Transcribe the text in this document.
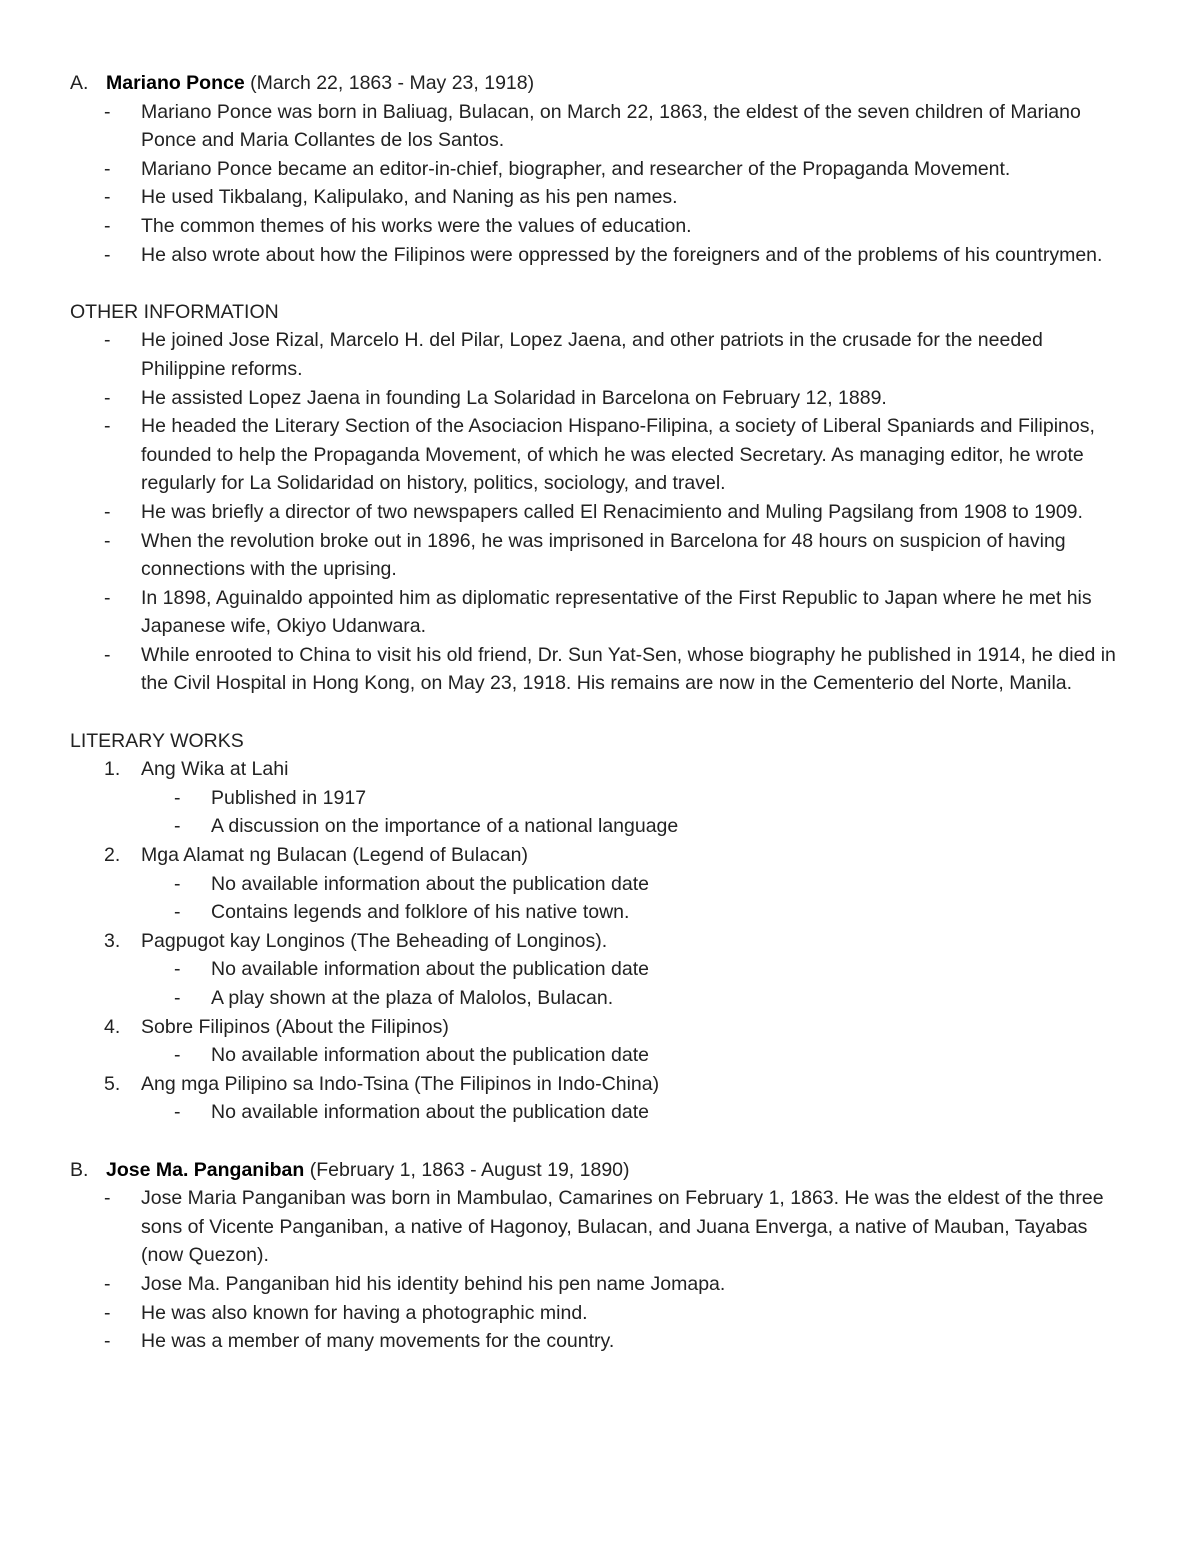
A. Mariano Ponce (March 22, 1863 - May 23, 1918)
- Mariano Ponce was born in Baliuag, Bulacan, on March 22, 1863, the eldest of the seven children of Mariano Ponce and Maria Collantes de los Santos.
- Mariano Ponce became an editor-in-chief, biographer, and researcher of the Propaganda Movement.
- He used Tikbalang, Kalipulako, and Naning as his pen names.
- The common themes of his works were the values of education.
- He also wrote about how the Filipinos were oppressed by the foreigners and of the problems of his countrymen.
OTHER INFORMATION
- He joined Jose Rizal, Marcelo H. del Pilar, Lopez Jaena, and other patriots in the crusade for the needed Philippine reforms.
- He assisted Lopez Jaena in founding La Solaridad in Barcelona on February 12, 1889.
- He headed the Literary Section of the Asociacion Hispano-Filipina, a society of Liberal Spaniards and Filipinos, founded to help the Propaganda Movement, of which he was elected Secretary. As managing editor, he wrote regularly for La Solidaridad on history, politics, sociology, and travel.
- He was briefly a director of two newspapers called El Renacimiento and Muling Pagsilang from 1908 to 1909.
- When the revolution broke out in 1896, he was imprisoned in Barcelona for 48 hours on suspicion of having connections with the uprising.
- In 1898, Aguinaldo appointed him as diplomatic representative of the First Republic to Japan where he met his Japanese wife, Okiyo Udanwara.
- While enrooted to China to visit his old friend, Dr. Sun Yat-Sen, whose biography he published in 1914, he died in the Civil Hospital in Hong Kong, on May 23, 1918. His remains are now in the Cementerio del Norte, Manila.
LITERARY WORKS
1. Ang Wika at Lahi
- Published in 1917
- A discussion on the importance of a national language
2. Mga Alamat ng Bulacan (Legend of Bulacan)
- No available information about the publication date
- Contains legends and folklore of his native town.
3. Pagpugot kay Longinos (The Beheading of Longinos).
- No available information about the publication date
- A play shown at the plaza of Malolos, Bulacan.
4. Sobre Filipinos (About the Filipinos)
- No available information about the publication date
5. Ang mga Pilipino sa Indo-Tsina (The Filipinos in Indo-China)
- No available information about the publication date
B. Jose Ma. Panganiban (February 1, 1863 - August 19, 1890)
- Jose Maria Panganiban was born in Mambulao, Camarines on February 1, 1863. He was the eldest of the three sons of Vicente Panganiban, a native of Hagonoy, Bulacan, and Juana Enverga, a native of Mauban, Tayabas (now Quezon).
- Jose Ma. Panganiban hid his identity behind his pen name Jomapa.
- He was also known for having a photographic mind.
- He was a member of many movements for the country.
